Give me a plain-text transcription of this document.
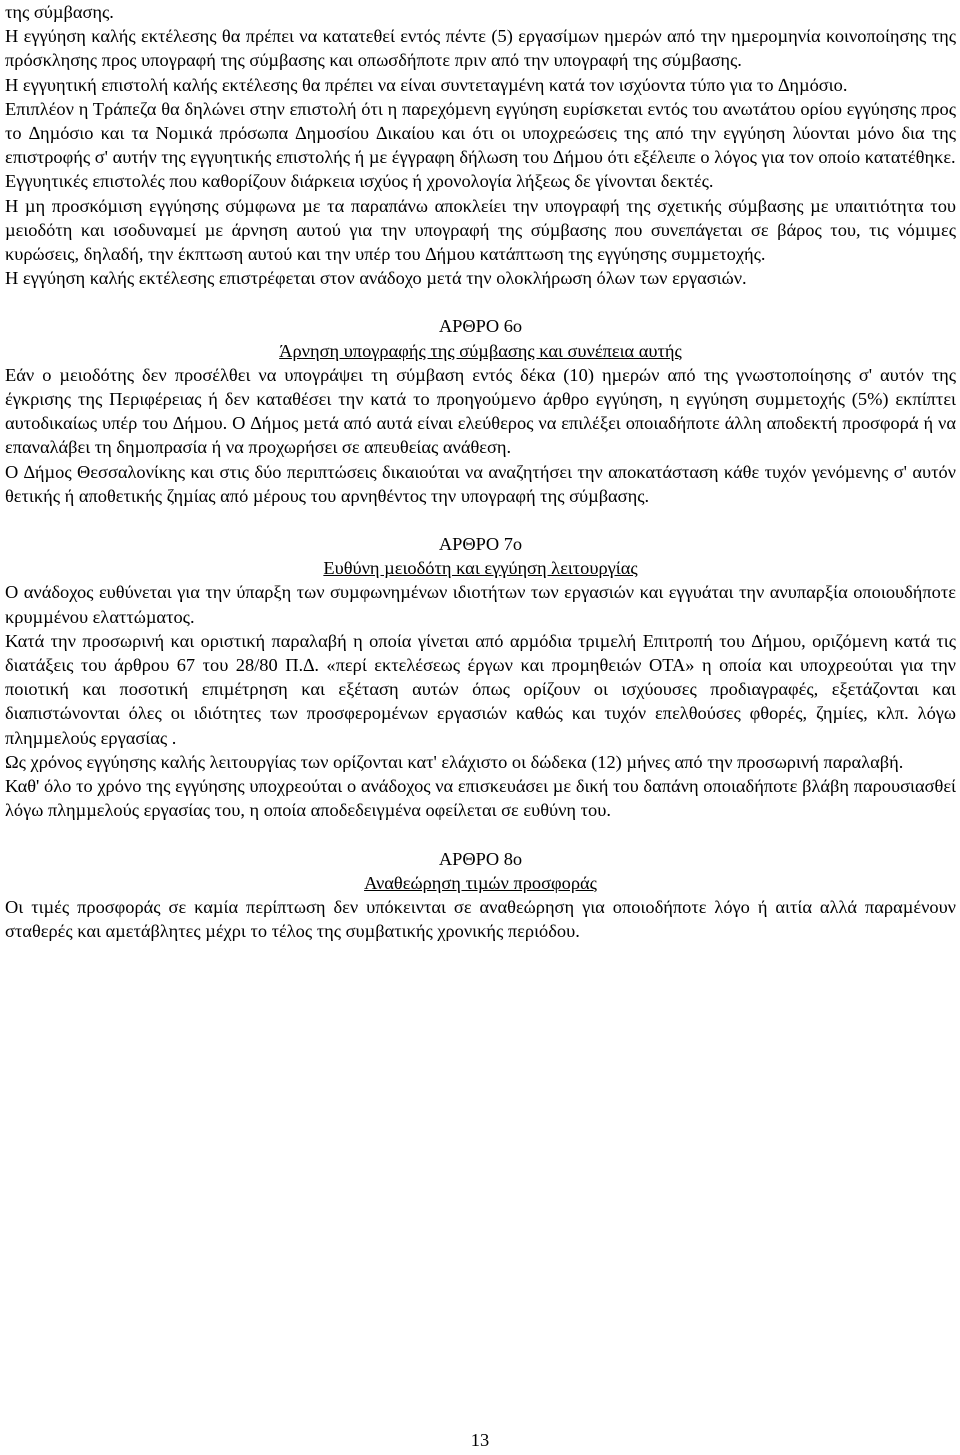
της σύµβασης.

Η εγγύηση καλής εκτέλεσης θα πρέπει να κατατεθεί εντός πέντε (5) εργασίµων ηµερών από την ηµεροµηνία κοινοποίησης της πρόσκλησης προς υπογραφή της σύµβασης και οπωσδήποτε πριν από την υπογραφή της σύµβασης.

Η εγγυητική επιστολή καλής εκτέλεσης θα πρέπει να είναι συντεταγµένη κατά τον ισχύοντα τύπο για το ∆ηµόσιο.

Επιπλέον η Τράπεζα θα δηλώνει στην επιστολή ότι η παρεχόµενη εγγύηση ευρίσκεται εντός του ανωτάτου ορίου εγγύησης προς το ∆ηµόσιο και τα Νοµικά πρόσωπα ∆ηµοσίου ∆ικαίου και ότι οι υποχρεώσεις της από την εγγύηση λύονται µόνο δια της επιστροφής σ' αυτήν της εγγυητικής επιστολής ή µε έγγραφη δήλωση του ∆ήµου ότι εξέλειπε ο λόγος για τον οποίο κατατέθηκε.

Εγγυητικές επιστολές που καθορίζουν διάρκεια ισχύος ή χρονολογία λήξεως δε γίνονται δεκτές.

Η µη προσκόµιση εγγύησης σύµφωνα µε τα παραπάνω αποκλείει την υπογραφή της σχετικής σύµβασης µε υπαιτιότητα του µειοδότη και ισοδυναµεί µε άρνηση αυτού για την υπογραφή της σύµβασης που συνεπάγεται σε βάρος του, τις νόµιµες κυρώσεις, δηλαδή, την έκπτωση αυτού και την υπέρ του ∆ήµου κατάπτωση της εγγύησης συµµετοχής.

Η εγγύηση καλής εκτέλεσης επιστρέφεται στον ανάδοχο µετά την ολοκλήρωση όλων των εργασιών.

ΑΡΘΡΟ 6ο

Άρνηση υπογραφής της σύµβασης και συνέπεια αυτής

Εάν ο µειοδότης δεν προσέλθει να υπογράψει τη σύµβαση εντός δέκα (10) ηµερών από της γνωστοποίησης σ' αυτόν της έγκρισης της Περιφέρειας ή δεν καταθέσει την κατά το προηγούµενο άρθρο εγγύηση, η εγγύηση συµµετοχής (5%) εκπίπτει αυτοδικαίως υπέρ του ∆ήµου. Ο ∆ήµος µετά από αυτά είναι ελεύθερος να επιλέξει οποιαδήποτε άλλη αποδεκτή προσφορά ή να επαναλάβει τη δηµοπρασία ή να προχωρήσει σε απευθείας ανάθεση.

Ο ∆ήµος Θεσσαλονίκης και στις δύο περιπτώσεις δικαιούται να αναζητήσει την αποκατάσταση κάθε τυχόν γενόµενης σ' αυτόν θετικής ή αποθετικής ζηµίας από µέρους του αρνηθέντος την υπογραφή της σύµβασης.

ΑΡΘΡΟ 7ο

Ευθύνη µειοδότη και εγγύηση λειτουργίας

Ο ανάδοχος ευθύνεται για την ύπαρξη των συµφωνηµένων ιδιοτήτων των εργασιών και εγγυάται την ανυπαρξία οποιουδήποτε κρυµµένου ελαττώµατος.

Κατά την προσωρινή και οριστική παραλαβή η οποία γίνεται από αρµόδια τριµελή Επιτροπή του ∆ήµου, οριζόµενη κατά τις διατάξεις του άρθρου 67 του 28/80 Π.∆. «περί εκτελέσεως έργων και προµηθειών ΟΤΑ» η οποία και υποχρεούται για την ποιοτική και ποσοτική επιµέτρηση και εξέταση αυτών όπως ορίζουν οι ισχύουσες προδιαγραφές, εξετάζονται και διαπιστώνονται όλες οι ιδιότητες των προσφεροµένων εργασιών καθώς και τυχόν επελθούσες φθορές, ζηµίες, κλπ. λόγω πληµµελούς εργασίας .

Ως χρόνος εγγύησης καλής λειτουργίας των ορίζονται κατ' ελάχιστο οι δώδεκα (12) µήνες από την προσωρινή παραλαβή.

Καθ' όλο το χρόνο της εγγύησης υποχρεούται ο ανάδοχος να επισκευάσει µε δική του δαπάνη οποιαδήποτε βλάβη παρουσιασθεί λόγω πληµµελούς εργασίας του, η οποία αποδεδειγµένα οφείλεται σε ευθύνη του.

ΑΡΘΡΟ 8ο

Αναθεώρηση τιµών προσφοράς

Οι τιµές προσφοράς σε καµία περίπτωση δεν υπόκεινται σε αναθεώρηση για οποιοδήποτε λόγο ή αιτία αλλά παραµένουν σταθερές και αµετάβλητες µέχρι το τέλος της συµβατικής χρονικής περιόδου.

13
